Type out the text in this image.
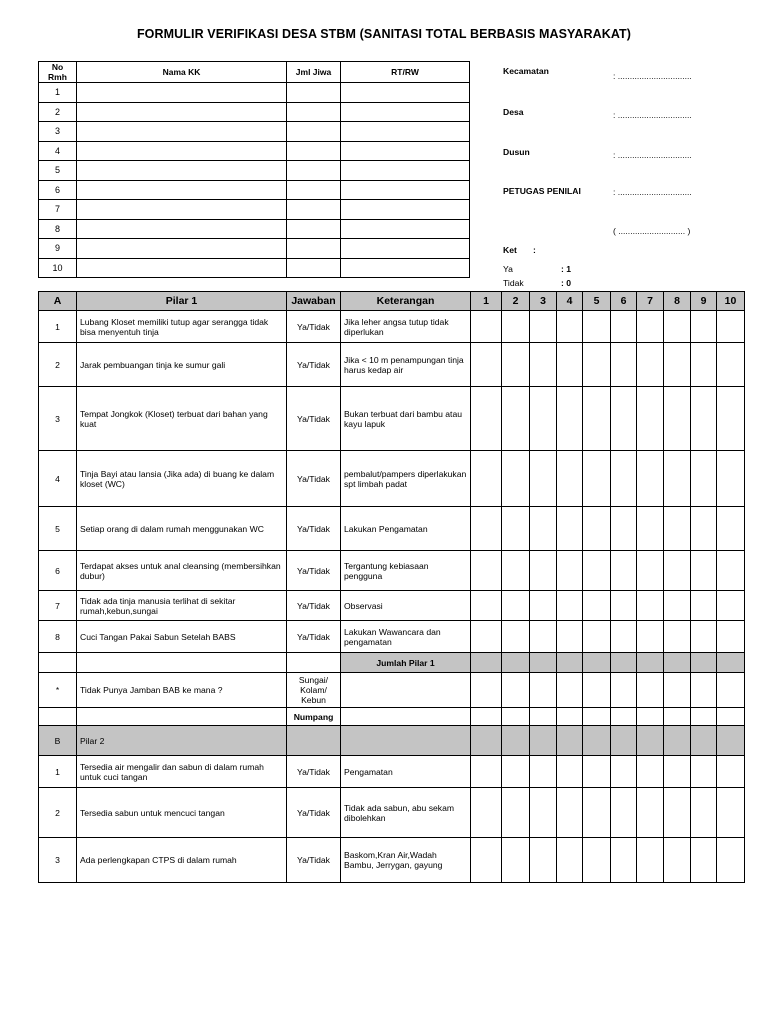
FORMULIR VERIFIKASI DESA STBM (SANITASI TOTAL BERBASIS MASYARAKAT)
No Rmh	Nama KK	Jml Jiwa	RT/RW
1			
2			
3			
4			
5			
6			
7			
8			
9			
10			
Kecamatan	: ...............................
Desa	: ...............................
Dusun	: ...............................
PETUGAS PENILAI	: ...............................
( ............................ )
Ket :
Ya	: 1
Tidak	: 0
A	Pilar 1	Jawaban	Keterangan	1	2	3	4	5	6	7	8	9	10
1	Lubang Kloset memiliki tutup agar serangga tidak bisa menyentuh tinja	Ya/Tidak	Jika leher angsa tutup tidak diperlukan										
2	Jarak pembuangan tinja ke sumur gali	Ya/Tidak	Jika < 10 m penampungan tinja harus kedap air										
3	Tempat Jongkok (Kloset) terbuat dari bahan yang kuat	Ya/Tidak	Bukan terbuat dari bambu atau kayu lapuk										
4	Tinja Bayi atau lansia (Jika ada) di buang ke dalam kloset (WC)	Ya/Tidak	pembalut/pampers diperlakukan spt limbah padat										
5	Setiap orang di dalam rumah menggunakan WC	Ya/Tidak	Lakukan Pengamatan										
6	Terdapat akses untuk anal cleansing (membersihkan dubur)	Ya/Tidak	Tergantung kebiasaan pengguna										
7	Tidak ada tinja manusia terlihat di sekitar rumah,kebun,sungai	Ya/Tidak	Observasi										
8	Cuci Tangan Pakai Sabun Setelah BABS	Ya/Tidak	Lakukan Wawancara dan pengamatan										
			Jumlah Pilar 1										
*	Tidak Punya Jamban BAB ke mana ?	Sungai/ Kolam/ Kebun											
		Numpang											
B	Pilar 2												
1	Tersedia air mengalir dan sabun di dalam rumah untuk cuci tangan	Ya/Tidak	Pengamatan										
2	Tersedia sabun untuk mencuci tangan	Ya/Tidak	Tidak ada sabun, abu sekam dibolehkan										
3	Ada perlengkapan CTPS di dalam rumah	Ya/Tidak	Baskom,Kran Air,Wadah Bambu, Jerrygan, gayung										
